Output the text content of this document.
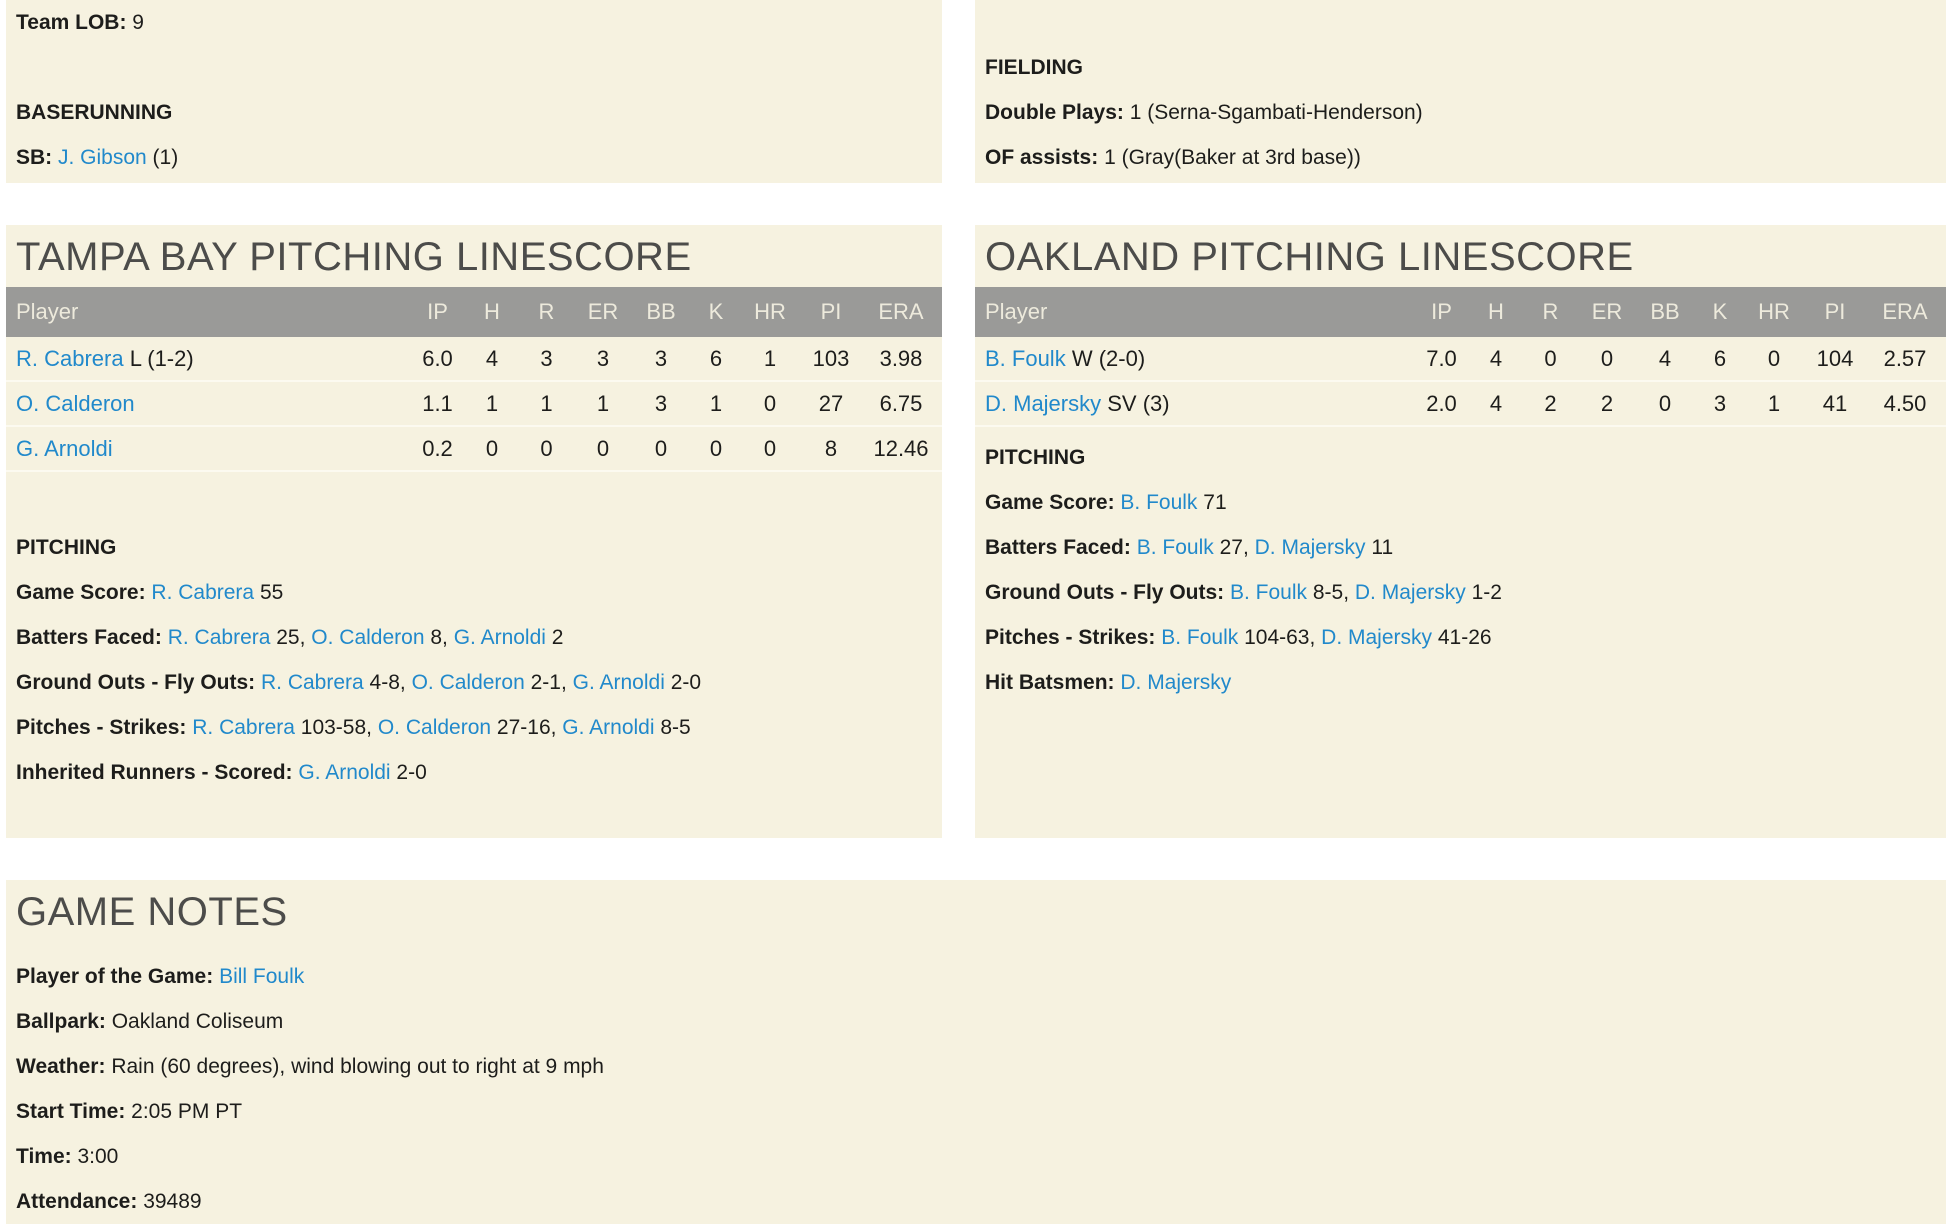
Team LOB: 9
BASERUNNING
SB: J. Gibson (1)
FIELDING
Double Plays: 1 (Serna-Sgambati-Henderson)
OF assists: 1 (Gray(Baker at 3rd base))
TAMPA BAY PITCHING LINESCORE
Player	IP	H	R	ER	BB	K	HR	PI	ERA
R. Cabrera L (1-2)	6.0	4	3	3	3	6	1	103	3.98
O. Calderon	1.1	1	1	1	3	1	0	27	6.75
G. Arnoldi	0.2	0	0	0	0	0	0	8	12.46
PITCHING
Game Score: R. Cabrera 55
Batters Faced: R. Cabrera 25, O. Calderon 8, G. Arnoldi 2
Ground Outs - Fly Outs: R. Cabrera 4-8, O. Calderon 2-1, G. Arnoldi 2-0
Pitches - Strikes: R. Cabrera 103-58, O. Calderon 27-16, G. Arnoldi 8-5
Inherited Runners - Scored: G. Arnoldi 2-0
OAKLAND PITCHING LINESCORE
Player	IP	H	R	ER	BB	K	HR	PI	ERA
B. Foulk W (2-0)	7.0	4	0	0	4	6	0	104	2.57
D. Majersky SV (3)	2.0	4	2	2	0	3	1	41	4.50
PITCHING
Game Score: B. Foulk 71
Batters Faced: B. Foulk 27, D. Majersky 11
Ground Outs - Fly Outs: B. Foulk 8-5, D. Majersky 1-2
Pitches - Strikes: B. Foulk 104-63, D. Majersky 41-26
Hit Batsmen: D. Majersky
GAME NOTES
Player of the Game: Bill Foulk
Ballpark: Oakland Coliseum
Weather: Rain (60 degrees), wind blowing out to right at 9 mph
Start Time: 2:05 PM PT
Time: 3:00
Attendance: 39489
